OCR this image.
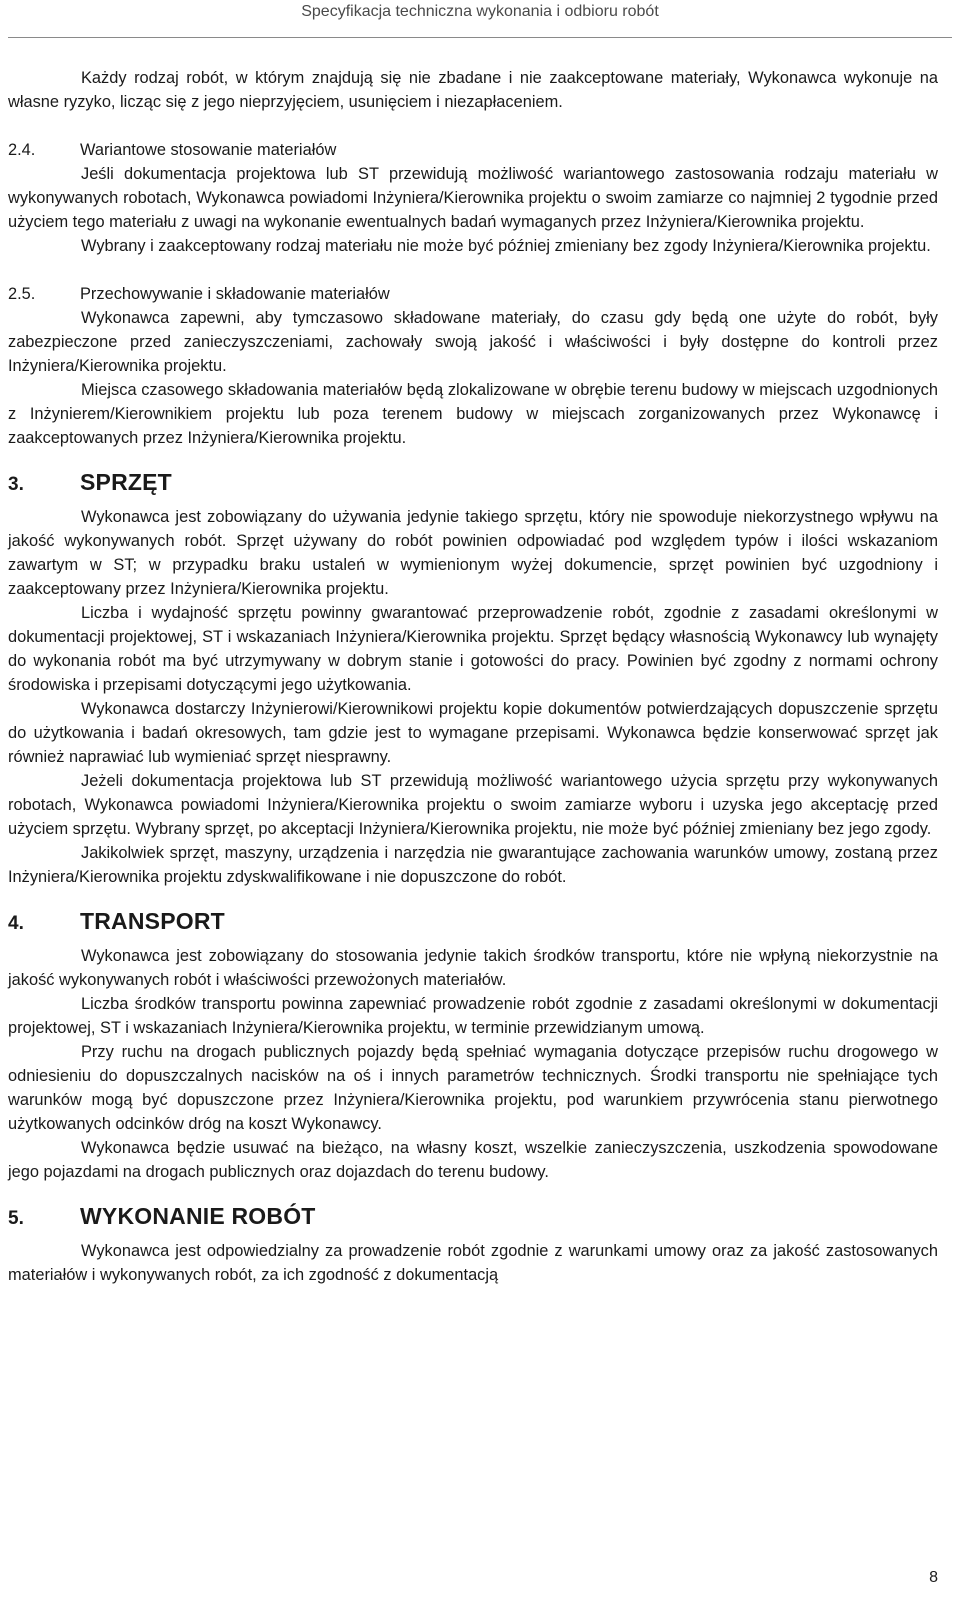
Specyfikacja techniczna wykonania i odbioru robót

Każdy rodzaj robót, w którym znajdują się nie zbadane i nie zaakceptowane materiały, Wykonawca wykonuje na własne ryzyko, licząc się z jego nieprzyjęciem, usunięciem i niezapłaceniem.

2.4.	Wariantowe stosowanie materiałów

Jeśli dokumentacja projektowa lub ST przewidują możliwość wariantowego zastosowania rodzaju materiału w wykonywanych robotach, Wykonawca powiadomi Inżyniera/Kierownika projektu o swoim zamiarze co najmniej 2 tygodnie przed użyciem tego materiału z uwagi na wykonanie ewentualnych badań wymaganych przez Inżyniera/Kierownika projektu.

Wybrany i zaakceptowany rodzaj materiału nie może być później zmieniany bez zgody Inżyniera/Kierownika projektu.

2.5.	Przechowywanie i składowanie materiałów

Wykonawca zapewni, aby tymczasowo składowane materiały, do czasu gdy będą one użyte do robót, były zabezpieczone przed zanieczyszczeniami, zachowały swoją jakość i właściwości i były dostępne do kontroli przez Inżyniera/Kierownika projektu.

Miejsca czasowego składowania materiałów będą zlokalizowane w obrębie terenu budowy w miejscach uzgodnionych z Inżynierem/Kierownikiem projektu lub poza terenem budowy w miejscach zorganizowanych przez Wykonawcę i zaakceptowanych przez Inżyniera/Kierownika projektu.

3.	SPRZĘT

Wykonawca jest zobowiązany do używania jedynie takiego sprzętu, który nie spowoduje niekorzystnego wpływu na jakość wykonywanych robót. Sprzęt używany do robót powinien odpowiadać pod względem typów i ilości wskazaniom zawartym w ST; w przypadku braku ustaleń w wymienionym wyżej dokumencie, sprzęt powinien być uzgodniony i zaakceptowany przez Inżyniera/Kierownika projektu.

Liczba i wydajność sprzętu powinny gwarantować przeprowadzenie robót, zgodnie z zasadami określonymi w dokumentacji projektowej, ST i wskazaniach Inżyniera/Kierownika projektu. Sprzęt będący własnością Wykonawcy lub wynajęty do wykonania robót ma być utrzymywany w dobrym stanie i gotowości do pracy. Powinien być zgodny z normami ochrony środowiska i przepisami dotyczącymi jego użytkowania.

Wykonawca dostarczy Inżynierowi/Kierownikowi projektu kopie dokumentów potwierdzających dopuszczenie sprzętu do użytkowania i badań okresowych, tam gdzie jest to wymagane przepisami. Wykonawca będzie konserwować sprzęt jak również naprawiać lub wymieniać sprzęt niesprawny.

Jeżeli dokumentacja projektowa lub ST przewidują możliwość wariantowego użycia sprzętu przy wykonywanych robotach, Wykonawca powiadomi Inżyniera/Kierownika projektu o swoim zamiarze wyboru i uzyska jego akceptację przed użyciem sprzętu. Wybrany sprzęt, po akceptacji Inżyniera/Kierownika projektu, nie może być później zmieniany bez jego zgody.

Jakikolwiek sprzęt, maszyny, urządzenia i narzędzia nie gwarantujące zachowania warunków umowy, zostaną przez Inżyniera/Kierownika projektu zdyskwalifikowane i nie dopuszczone do robót.

4.	TRANSPORT

Wykonawca jest zobowiązany do stosowania jedynie takich środków transportu, które nie wpłyną niekorzystnie na jakość wykonywanych robót i właściwości przewożonych materiałów.

Liczba środków transportu powinna zapewniać prowadzenie robót zgodnie z zasadami określonymi w dokumentacji projektowej, ST i wskazaniach Inżyniera/Kierownika projektu, w terminie przewidzianym umową.

Przy ruchu na drogach publicznych pojazdy będą spełniać wymagania dotyczące przepisów ruchu drogowego w odniesieniu do dopuszczalnych nacisków na oś i innych parametrów technicznych. Środki transportu nie spełniające tych warunków mogą być dopuszczone przez Inżyniera/Kierownika projektu, pod warunkiem przywrócenia stanu pierwotnego użytkowanych odcinków dróg na koszt Wykonawcy.

Wykonawca będzie usuwać na bieżąco, na własny koszt, wszelkie zanieczyszczenia, uszkodzenia spowodowane jego pojazdami na drogach publicznych oraz dojazdach do terenu budowy.

5.	WYKONANIE ROBÓT

Wykonawca jest odpowiedzialny za prowadzenie robót zgodnie z warunkami umowy oraz za jakość zastosowanych materiałów i wykonywanych robót, za ich zgodność z dokumentacją

8
